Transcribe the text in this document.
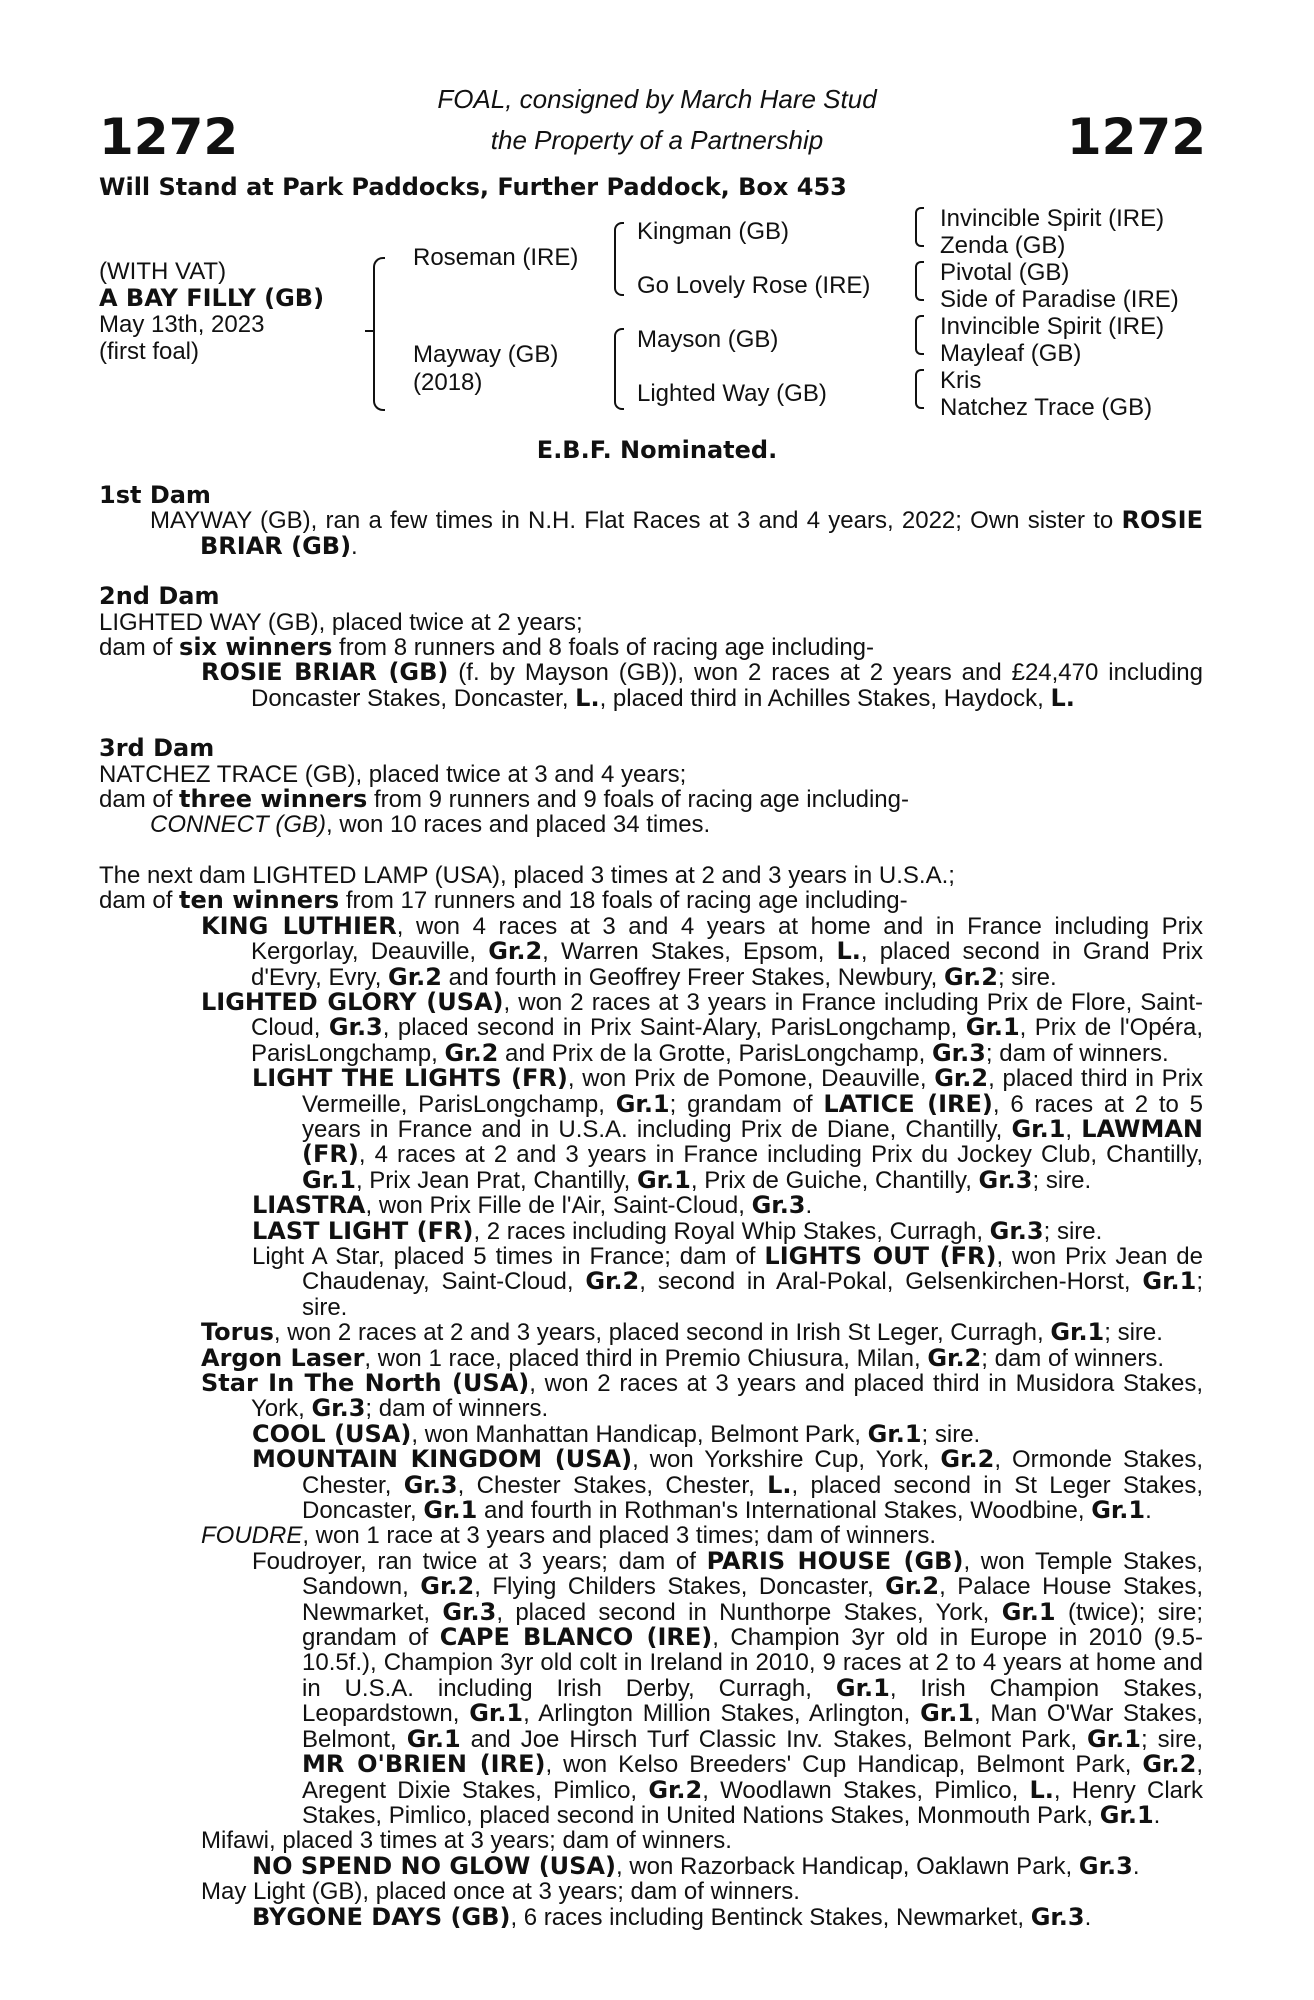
1272	1272
FOAL, consigned by March Hare Stud
the Property of a Partnership
Will Stand at Park Paddocks, Further Paddock, Box 453
(WITH VAT)
A BAY FILLY (GB)
May 13th, 2023
(first foal)
Roseman (IRE)
Mayway (GB)
(2018)
Kingman (GB)
Go Lovely Rose (IRE)
Mayson (GB)
Lighted Way (GB)
Invincible Spirit (IRE)
Zenda (GB)
Pivotal (GB)
Side of Paradise (IRE)
Invincible Spirit (IRE)
Mayleaf (GB)
Kris
Natchez Trace (GB)
E.B.F. Nominated.

1st Dam

MAYWAY (GB), ran a few times in N.H. Flat Races at 3 and 4 years, 2022; Own sister to ROSIE BRIAR (GB).

2nd Dam

LIGHTED WAY (GB), placed twice at 2 years;

dam of six winners from 8 runners and 8 foals of racing age including-

ROSIE BRIAR (GB) (f. by Mayson (GB)), won 2 races at 2 years and £24,470 including Doncaster Stakes, Doncaster, L., placed third in Achilles Stakes, Haydock, L.

3rd Dam

NATCHEZ TRACE (GB), placed twice at 3 and 4 years;

dam of three winners from 9 runners and 9 foals of racing age including-

CONNECT (GB), won 10 races and placed 34 times.

The next dam LIGHTED LAMP (USA), placed 3 times at 2 and 3 years in U.S.A.;

dam of ten winners from 17 runners and 18 foals of racing age including-

KING LUTHIER, won 4 races at 3 and 4 years at home and in France including Prix Kergorlay, Deauville, Gr.2, Warren Stakes, Epsom, L., placed second in Grand Prix d'Evry, Evry, Gr.2 and fourth in Geoffrey Freer Stakes, Newbury, Gr.2; sire.

LIGHTED GLORY (USA), won 2 races at 3 years in France including Prix de Flore, Saint-Cloud, Gr.3, placed second in Prix Saint-Alary, ParisLongchamp, Gr.1, Prix de l'Opéra, ParisLongchamp, Gr.2 and Prix de la Grotte, ParisLongchamp, Gr.3; dam of winners.

LIGHT THE LIGHTS (FR), won Prix de Pomone, Deauville, Gr.2, placed third in Prix Vermeille, ParisLongchamp, Gr.1; grandam of LATICE (IRE), 6 races at 2 to 5 years in France and in U.S.A. including Prix de Diane, Chantilly, Gr.1, LAWMAN (FR), 4 races at 2 and 3 years in France including Prix du Jockey Club, Chantilly, Gr.1, Prix Jean Prat, Chantilly, Gr.1, Prix de Guiche, Chantilly, Gr.3; sire.

LIASTRA, won Prix Fille de l'Air, Saint-Cloud, Gr.3.

LAST LIGHT (FR), 2 races including Royal Whip Stakes, Curragh, Gr.3; sire.

Light A Star, placed 5 times in France; dam of LIGHTS OUT (FR), won Prix Jean de Chaudenay, Saint-Cloud, Gr.2, second in Aral-Pokal, Gelsenkirchen-Horst, Gr.1; sire.

Torus, won 2 races at 2 and 3 years, placed second in Irish St Leger, Curragh, Gr.1; sire.

Argon Laser, won 1 race, placed third in Premio Chiusura, Milan, Gr.2; dam of winners.

Star In The North (USA), won 2 races at 3 years and placed third in Musidora Stakes, York, Gr.3; dam of winners.

COOL (USA), won Manhattan Handicap, Belmont Park, Gr.1; sire.

MOUNTAIN KINGDOM (USA), won Yorkshire Cup, York, Gr.2, Ormonde Stakes, Chester, Gr.3, Chester Stakes, Chester, L., placed second in St Leger Stakes, Doncaster, Gr.1 and fourth in Rothman's International Stakes, Woodbine, Gr.1.

FOUDRE, won 1 race at 3 years and placed 3 times; dam of winners.

Foudroyer, ran twice at 3 years; dam of PARIS HOUSE (GB), won Temple Stakes, Sandown, Gr.2, Flying Childers Stakes, Doncaster, Gr.2, Palace House Stakes, Newmarket, Gr.3, placed second in Nunthorpe Stakes, York, Gr.1 (twice); sire; grandam of CAPE BLANCO (IRE), Champion 3yr old in Europe in 2010 (9.5-10.5f.), Champion 3yr old colt in Ireland in 2010, 9 races at 2 to 4 years at home and in U.S.A. including Irish Derby, Curragh, Gr.1, Irish Champion Stakes, Leopardstown, Gr.1, Arlington Million Stakes, Arlington, Gr.1, Man O'War Stakes, Belmont, Gr.1 and Joe Hirsch Turf Classic Inv. Stakes, Belmont Park, Gr.1; sire, MR O'BRIEN (IRE), won Kelso Breeders' Cup Handicap, Belmont Park, Gr.2, Aregent Dixie Stakes, Pimlico, Gr.2, Woodlawn Stakes, Pimlico, L., Henry Clark Stakes, Pimlico, placed second in United Nations Stakes, Monmouth Park, Gr.1.

Mifawi, placed 3 times at 3 years; dam of winners.

NO SPEND NO GLOW (USA), won Razorback Handicap, Oaklawn Park, Gr.3.

May Light (GB), placed once at 3 years; dam of winners.

BYGONE DAYS (GB), 6 races including Bentinck Stakes, Newmarket, Gr.3.
